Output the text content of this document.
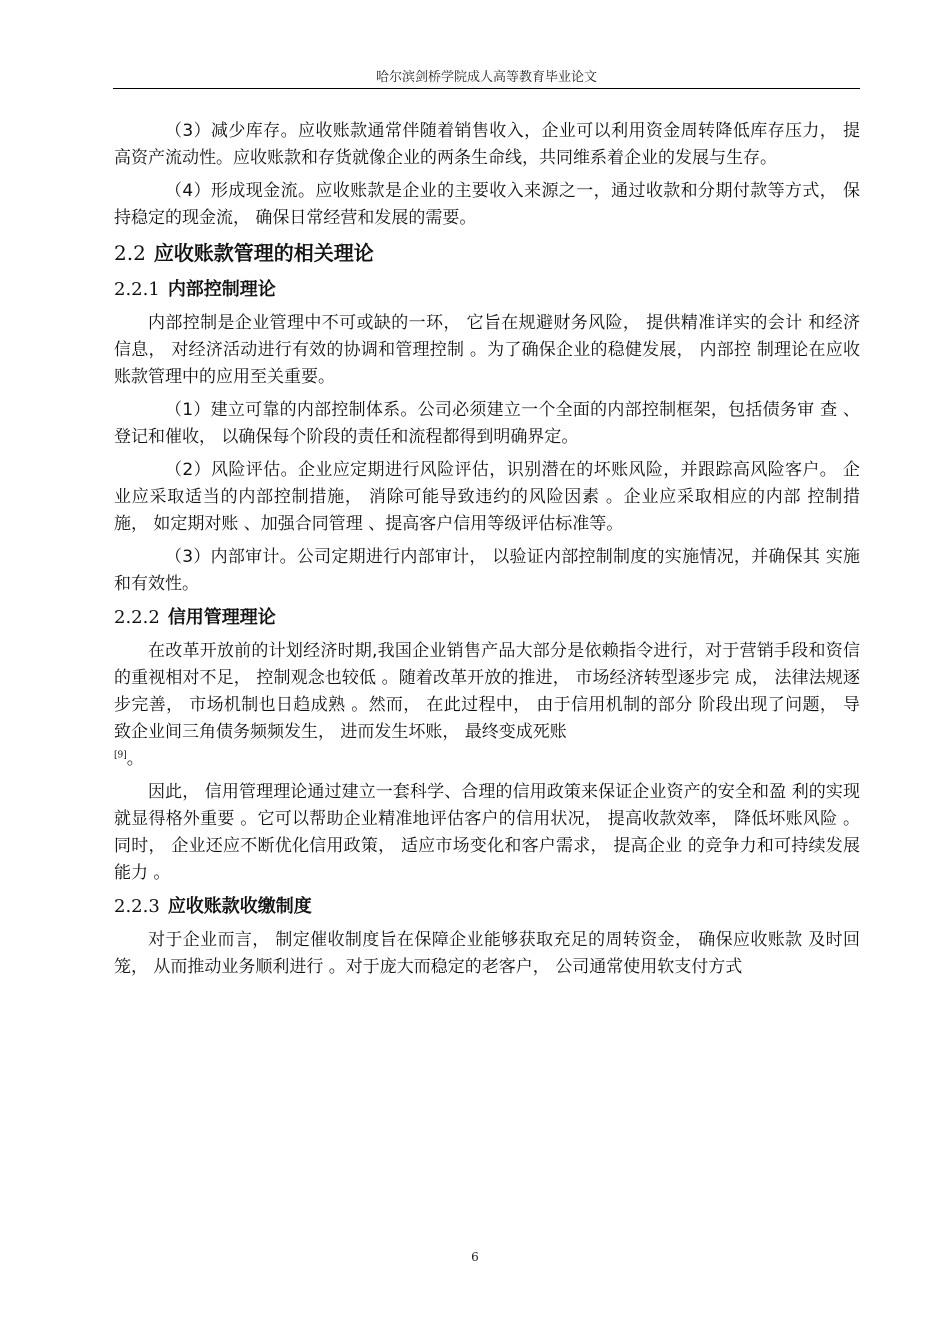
哈尔滨剑桥学院成人高等教育毕业论文

（3）减少库存。应收账款通常伴随着销售收入，企业可以利用资金周转降低库存压力， 提高资产流动性。应收账款和存货就像企业的两条生命线，共同维系着企业的发展与生存。

（4）形成现金流。应收账款是企业的主要收入来源之一，通过收款和分期付款等方式， 保持稳定的现金流， 确保日常经营和发展的需要。

2.2 应收账款管理的相关理论
2.2.1 内部控制理论

内部控制是企业管理中不可或缺的一环， 它旨在规避财务风险， 提供精准详实的会计 和经济信息， 对经济活动进行有效的协调和管理控制 。为了确保企业的稳健发展， 内部控 制理论在应收账款管理中的应用至关重要。

（1）建立可靠的内部控制体系。公司必须建立一个全面的内部控制框架，包括债务审 查 、登记和催收， 以确保每个阶段的责任和流程都得到明确界定。

（2）风险评估。企业应定期进行风险评估，识别潜在的坏账风险，并跟踪高风险客户。 企业应采取适当的内部控制措施， 消除可能导致违约的风险因素 。企业应采取相应的内部 控制措施， 如定期对账 、加强合同管理 、提高客户信用等级评估标准等。

（3）内部审计。公司定期进行内部审计， 以验证内部控制制度的实施情况，并确保其 实施和有效性。

2.2.2 信用管理理论

在改革开放前的计划经济时期,我国企业销售产品大部分是依赖指令进行，对于营销手段和资信的重视相对不足， 控制观念也较低 。随着改革开放的推进， 市场经济转型逐步完 成， 法律法规逐步完善， 市场机制也日趋成熟 。然而， 在此过程中， 由于信用机制的部分 阶段出现了问题， 导致企业间三角债务频频发生， 进而发生坏账， 最终变成死账
[9]。

因此， 信用管理理论通过建立一套科学、合理的信用政策来保证企业资产的安全和盈 利的实现就显得格外重要 。它可以帮助企业精准地评估客户的信用状况， 提高收款效率， 降低坏账风险 。同时， 企业还应不断优化信用政策， 适应市场变化和客户需求， 提高企业 的竞争力和可持续发展能力 。

2.2.3 应收账款收缴制度

对于企业而言， 制定催收制度旨在保障企业能够获取充足的周转资金， 确保应收账款 及时回笼， 从而推动业务顺利进行 。对于庞大而稳定的老客户， 公司通常使用软支付方式

6
